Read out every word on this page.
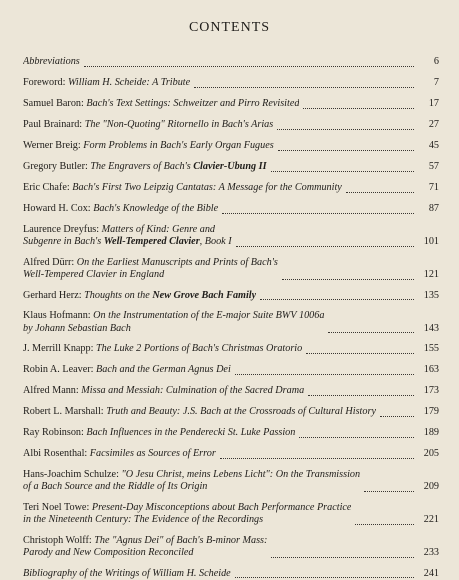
CONTENTS
Abbreviations	6
Foreword: William H. Scheide: A Tribute	7
Samuel Baron: Bach's Text Settings: Schweitzer and Pirro Revisited	17
Paul Brainard: The "Non-Quoting" Ritornello in Bach's Arias	27
Werner Breig: Form Problems in Bach's Early Organ Fugues	45
Gregory Butler: The Engravers of Bach's Clavier-Übung II	57
Eric Chafe: Bach's First Two Leipzig Cantatas: A Message for the Community	71
Howard H. Cox: Bach's Knowledge of the Bible	87
Laurence Dreyfus: Matters of Kind: Genre and
Subgenre in Bach's Well-Tempered Clavier, Book I	101
Alfred Dürr: On the Earliest Manuscripts and Prints of Bach's
Well-Tempered Clavier in England	121
Gerhard Herz: Thoughts on the New Grove Bach Family	135
Klaus Hofmann: On the Instrumentation of the E-major Suite BWV 1006a
by Johann Sebastian Bach	143
J. Merrill Knapp: The Luke 2 Portions of Bach's Christmas Oratorio	155
Robin A. Leaver: Bach and the German Agnus Dei	163
Alfred Mann: Missa and Messiah: Culmination of the Sacred Drama	173
Robert L. Marshall: Truth and Beauty: J.S. Bach at the Crossroads of Cultural History	179
Ray Robinson: Bach Influences in the Penderecki St. Luke Passion	189
Albi Rosenthal: Facsimiles as Sources of Error	205
Hans-Joachim Schulze: "O Jesu Christ, meins Lebens Licht": On the Transmission
of a Bach Source and the Riddle of Its Origin	209
Teri Noel Towe: Present-Day Misconceptions about Bach Performance Practice
in the Nineteenth Century: The Evidence of the Recordings	221
Christoph Wolff: The "Agnus Dei" of Bach's B-minor Mass:
Parody and New Composition Reconciled	233
Bibliography of the Writings of William H. Scheide	241
